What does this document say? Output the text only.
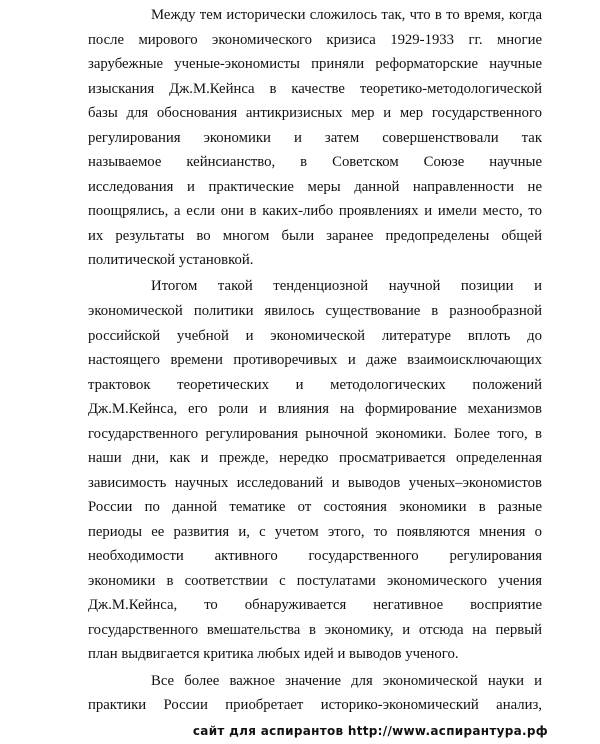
Между тем исторически сложилось так, что в то время, когда
после мирового экономического кризиса 1929-1933 гг. многие
зарубежные ученые-экономисты приняли реформаторские научные
изыскания Дж.М.Кейнса в качестве теоретико-методологической
базы для обоснования антикризисных мер и мер государственного
регулирования экономики и затем совершенствовали так
называемое кейнсианство, в Советском Союзе научные
исследования и практические меры данной направленности не
поощрялись, а если они в каких-либо проявлениях и имели место, то
их результаты во многом были заранее предопределены общей
политической установкой.
Итогом такой тенденциозной научной позиции и
экономической политики явилось существование в разнообразной
российской учебной и экономической литературе вплоть до
настоящего времени противоречивых и даже взаимоисключающих
трактовок теоретических и методологических положений
Дж.М.Кейнса, его роли и влияния на формирование механизмов
государственного регулирования рыночной экономики. Более того, в
наши дни, как и прежде, нередко просматривается определенная
зависимость научных исследований и выводов ученых–экономистов
России по данной тематике от состояния экономики в разные
периоды ее развития и, с учетом этого, то появляются мнения о
необходимости активного государственного регулирования
экономики в соответствии с постулатами экономического учения
Дж.М.Кейнса, то обнаруживается негативное восприятие
государственного вмешательства в экономику, и отсюда на первый
план выдвигается критика любых идей и выводов ученого.
Все более важное значение для экономической науки и
практики России приобретает историко-экономический анализ,
сайт для аспирантов http://www.аспирантура.рф
